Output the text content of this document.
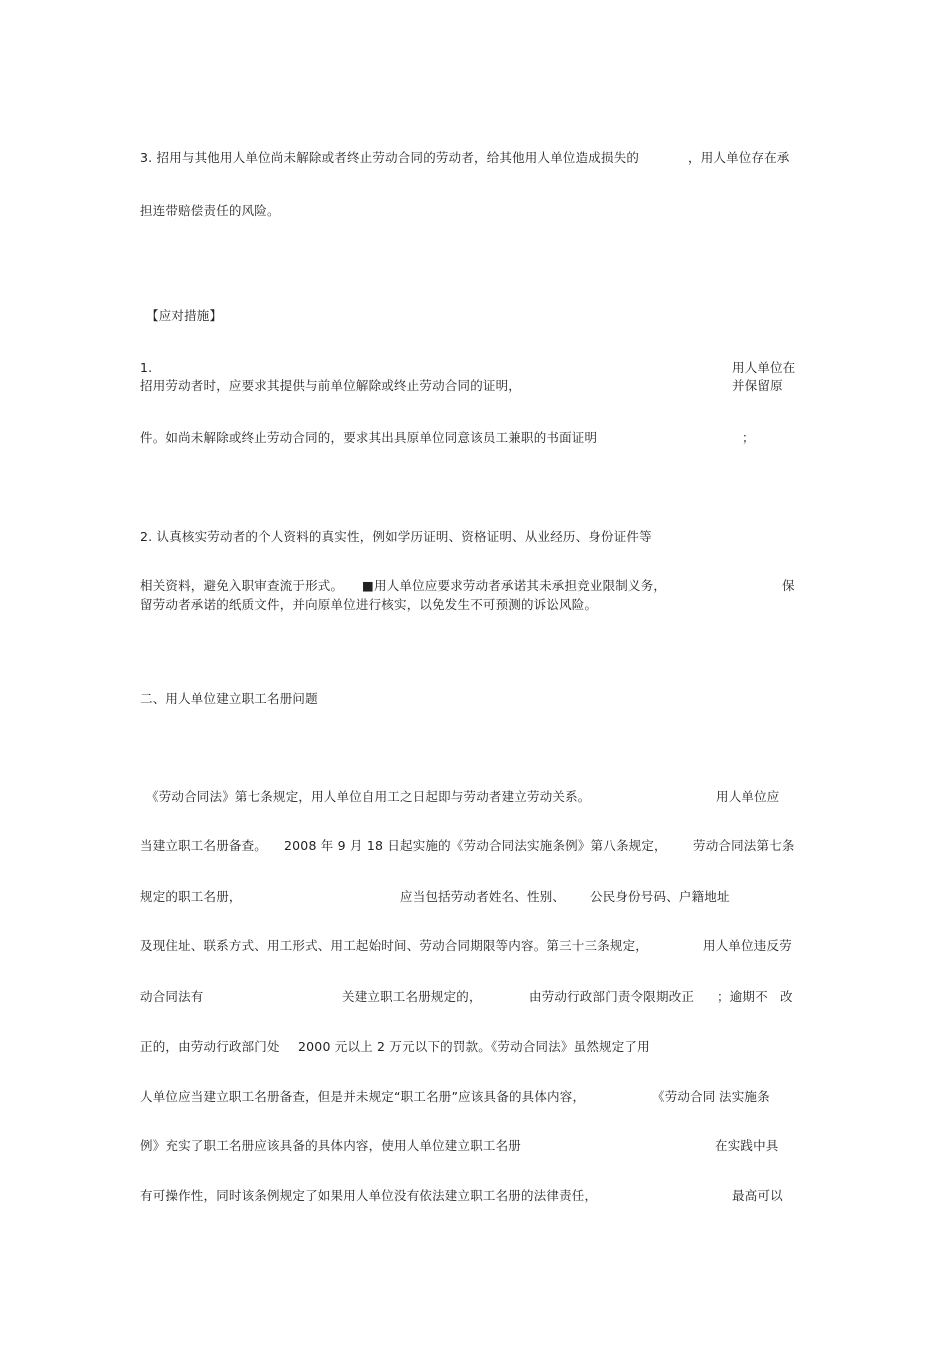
3. 招用与其他用人单位尚未解除或者终止劳动合同的劳动者，给其他用人单位造成损失的	，用人单位存在承
担连带赔偿责任的风险。
【应对措施】
1.	用人单位在
招用劳动者时，应要求其提供与前单位解除或终止劳动合同的证明，	并保留原
件。如尚未解除或终止劳动合同的，要求其出具原单位同意该员工兼职的书面证明	；
2. 认真核实劳动者的个人资料的真实性，例如学历证明、资格证明、从业经历、身份证件等
相关资料，避免入职审查流于形式。 ■用人单位应要求劳动者承诺其未承担竞业限制义务，	保
留劳动者承诺的纸质文件，并向原单位进行核实，以免发生不可预测的诉讼风险。
二、用人单位建立职工名册问题
《劳动合同法》第七条规定，用人单位自用工之日起即与劳动者建立劳动关系。	用人单位应
当建立职工名册备查。 2008 年 9 月 18 日起实施的《劳动合同法实施条例》第八条规定， 劳动合同法第七条
规定的职工名册，	应当包括劳动者姓名、性别、 公民身份号码、户籍地址
及现住址、联系方式、用工形式、用工起始时间、劳动合同期限等内容。第三十三条规定，	用人单位违反劳
动合同法有	关建立职工名册规定的，	由劳动行政部门责令限期改正 ；逾期不 改
正的，由劳动行政部门处 2000 元以上 2 万元以下的罚款。《劳动合同法》虽然规定了用
人单位应当建立职工名册备查，但是并未规定“职工名册”应该具备的具体内容，	《劳动合同 法实施条
例》充实了职工名册应该具备的具体内容，使用人单位建立职工名册	在实践中具
有可操作性，同时该条例规定了如果用人单位没有依法建立职工名册的法律责任，	最高可以
